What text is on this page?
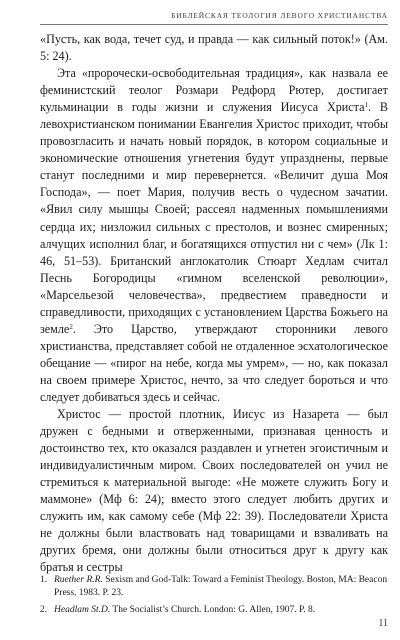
БИБЛЕЙСКАЯ ТЕОЛОГИЯ ЛЕВОГО ХРИСТИАНСТВА

«Пусть, как вода, течет суд, и правда — как сильный поток!» (Ам. 5: 24).

Эта «пророчески-освободительная традиция», как назвала ее феминистский теолог Розмари Редфорд Рютер, достигает кульминации в годы жизни и служения Иисуса Христа$^1$. В левохристианском понимании Евангелия Христос приходит, чтобы провозгласить и начать новый порядок, в котором социальные и экономические отношения угнетения будут упразднены, первые станут последними и мир перевернется. «Величит душа Моя Господа», — поет Мария, получив весть о чудесном зачатии. «Явил силу мышцы Своей; рассеял надменных помышлениями сердца их; низложил сильных с престолов, и вознес смиренных; алчущих исполнил благ, и богатящихся отпустил ни с чем» (Лк 1: 46, 51–53). Британский англокатолик Стюарт Хедлам считал Песнь Богородицы «гимном вселенской революции», «Марсельезой человечества», предвестием праведности и справедливости, приходящих с установлением Царства Божьего на земле$^2$. Это Царство, утверждают сторонники левого христианства, представляет собой не отдаленное эсхатологическое обещание — «пирог на небе, когда мы умрем», — но, как показал на своем примере Христос, нечто, за что следует бороться и что следует добиваться здесь и сейчас.

Христос — простой плотник, Иисус из Назарета — был дружен с бедными и отверженными, признавая ценность и достоинство тех, кто оказался раздавлен и угнетен эгоистичным и индивидуалистичным миром. Своих последователей он учил не стремиться к материальной выгоде: «Не можете служить Богу и маммоне» (Мф 6: 24); вместо этого следует любить других и служить им, как самому себе (Мф 22: 39). Последователи Христа не должны были властвовать над товарищами и взваливать на других бремя, они должны были относиться друг к другу как братья и сестры

1. Ruether R.R. Sexism and God-Talk: Toward a Feminist Theology. Boston, MA: Beacon Press, 1983. P. 23.
2. Headlam St.D. The Socialist’s Church. London: G. Allen, 1907. P. 8.
11
